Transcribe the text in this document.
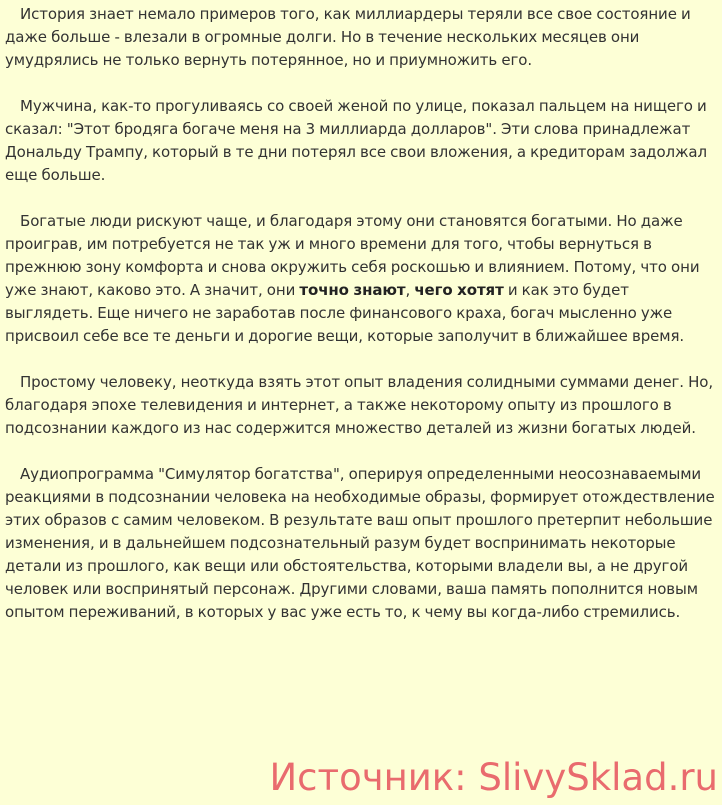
История знает немало примеров того, как миллиардеры теряли все свое состояние и даже больше - влезали в огромные долги. Но в течение нескольких месяцев они умудрялись не только вернуть потерянное, но и приумножить его.

Мужчина, как-то прогуливаясь со своей женой по улице, показал пальцем на нищего и сказал: "Этот бродяга богаче меня на 3 миллиарда долларов". Эти слова принадлежат Дональду Трампу, который в те дни потерял все свои вложения, а кредиторам задолжал еще больше.

Богатые люди рискуют чаще, и благодаря этому они становятся богатыми. Но даже проиграв, им потребуется не так уж и много времени для того, чтобы вернуться в прежнюю зону комфорта и снова окружить себя роскошью и влиянием. Потому, что они уже знают, каково это. А значит, они точно знают, чего хотят и как это будет выглядеть. Еще ничего не заработав после финансового краха, богач мысленно уже присвоил себе все те деньги и дорогие вещи, которые заполучит в ближайшее время.

Простому человеку, неоткуда взять этот опыт владения солидными суммами денег. Но, благодаря эпохе телевидения и интернет, а также некоторому опыту из прошлого в подсознании каждого из нас содержится множество деталей из жизни богатых людей.

Аудиопрограмма "Симулятор богатства", оперируя определенными неосознаваемыми реакциями в подсознании человека на необходимые образы, формирует отождествление этих образов с самим человеком. В результате ваш опыт прошлого претерпит небольшие изменения, и в дальнейшем подсознательный разум будет воспринимать некоторые детали из прошлого, как вещи или обстоятельства, которыми владели вы, а не другой человек или воспринятый персонаж. Другими словами, ваша память пополнится новым опытом переживаний, в которых у вас уже есть то, к чему вы когда-либо стремились.

Источник: SlivySklad.ru
